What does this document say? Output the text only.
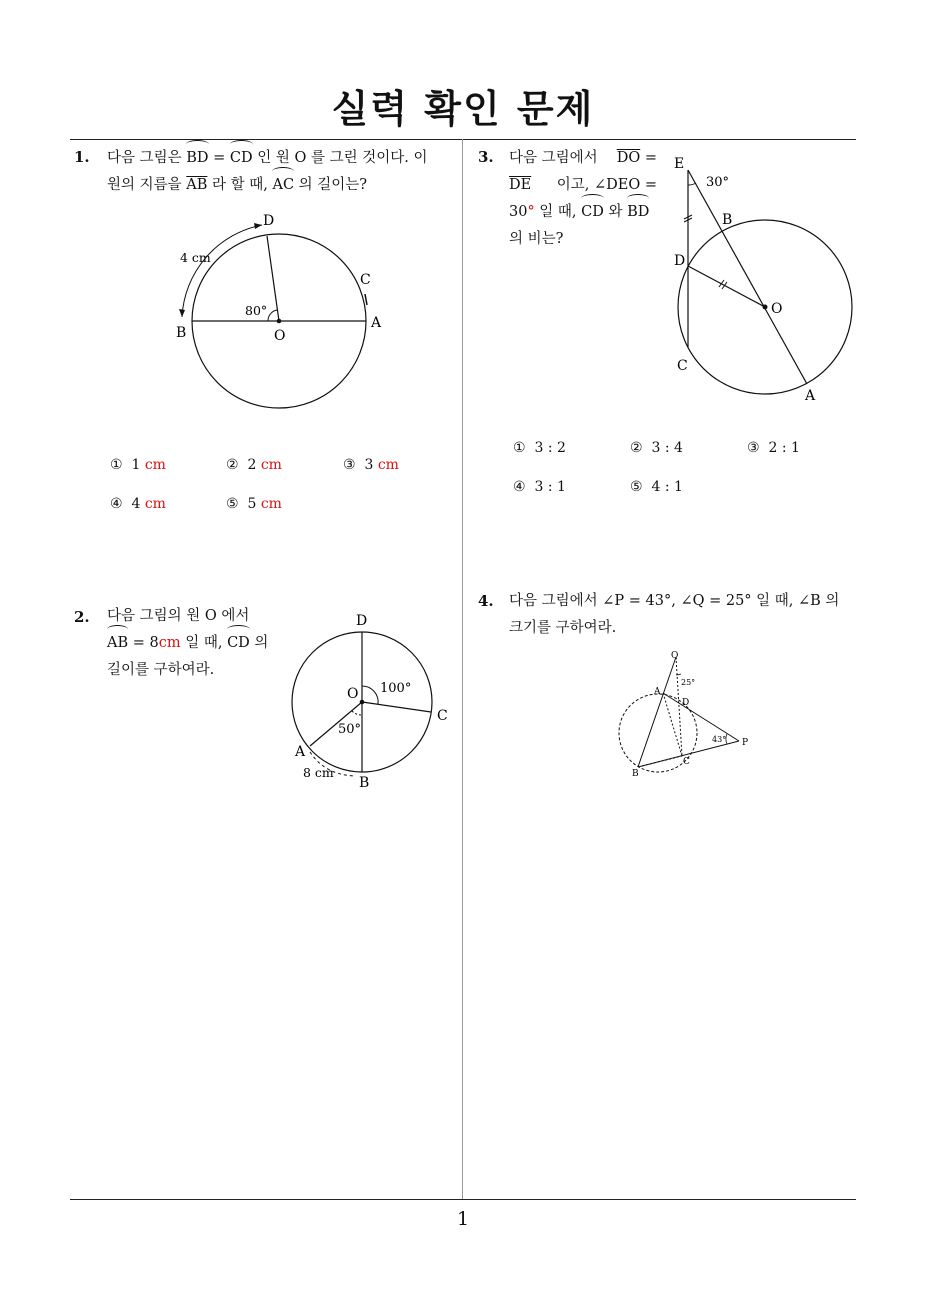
실력 확인 문제
1
1. 다음 그림은 BD = CD 인 원 O 를 그린 것이다. 이
원의 지름을 $\overline{AB}$ 라 할 때, AC 의 길이는?
D
C
A
B	O
4 cm
80°
① 1 cm	② 2 cm	③ 3 cm
④ 4 cm	⑤ 5 cm
2. 다음 그림의 원 O 에서
AB = 8cm 일 때, CD 의
길이를 구하여라.
D
O
C
A
B
100°
50°
8 cm
3. 다음 그림에서 $\overline{DO}$ =
$\overline{DE}$ 이고, ∠DEO =
30° 일 때, CD 와 BD
의 비는?
E
30°
B
D
O
C
A
① 3 : 2	② 3 : 4	③ 2 : 1
④ 3 : 1	⑤ 4 : 1
4. 다음 그림에서 ∠P = 43°, ∠Q = 25° 일 때, ∠B 의
크기를 구하여라.
Q
25°
A
D
43° P
B
C
